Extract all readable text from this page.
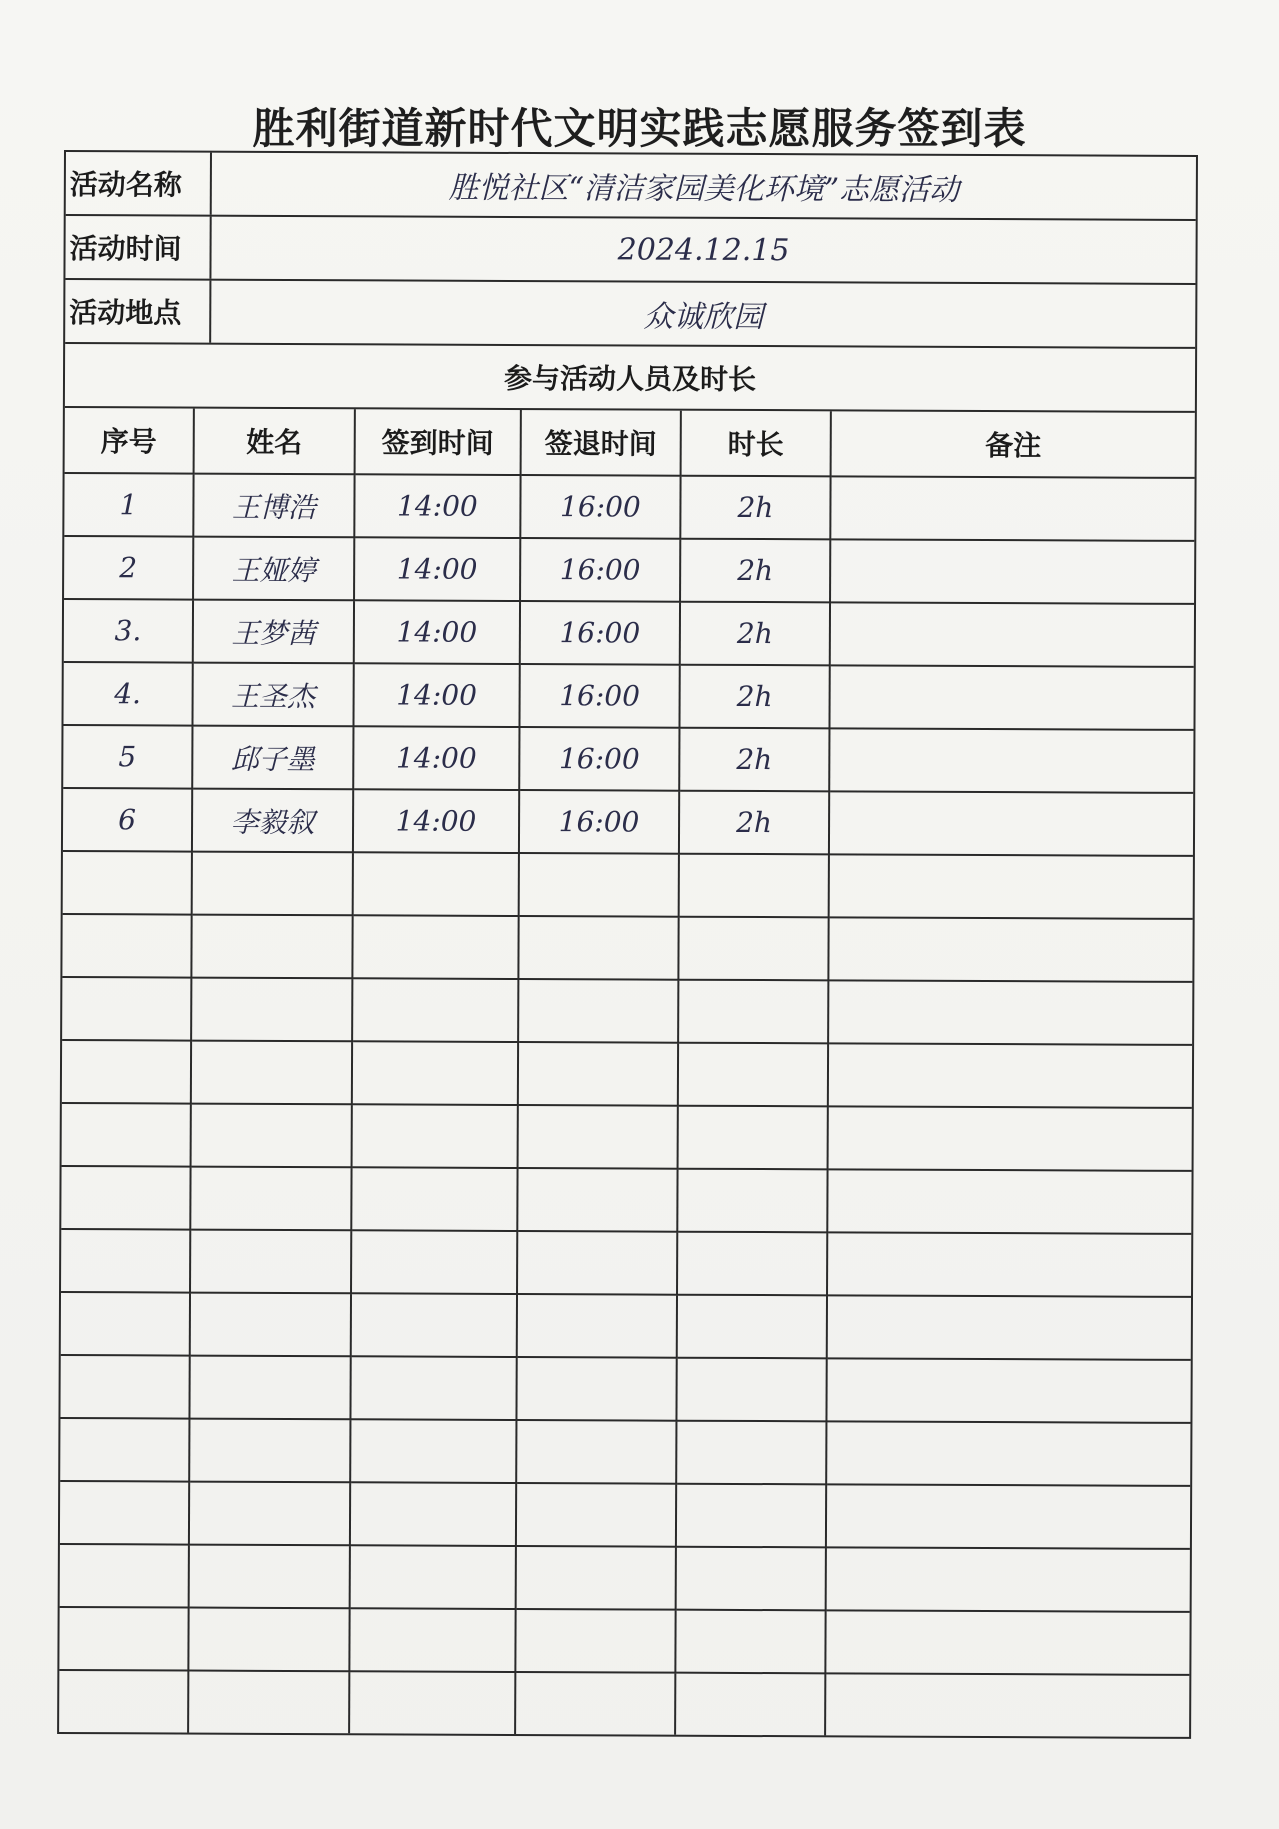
胜利街道新时代文明实践志愿服务签到表
活动名称	胜悦社区“清洁家园美化环境”志愿活动
活动时间	2024.12.15
活动地点	众诚欣园
参与活动人员及时长
序号	姓名	签到时间	签退时间	时长	备注
1	王博浩	14:00	16:00	2h	
2	王娅婷	14:00	16:00	2h	
3.	王梦茜	14:00	16:00	2h	
4.	王圣杰	14:00	16:00	2h	
5	邱子墨	14:00	16:00	2h	
6	李毅叙	14:00	16:00	2h	
